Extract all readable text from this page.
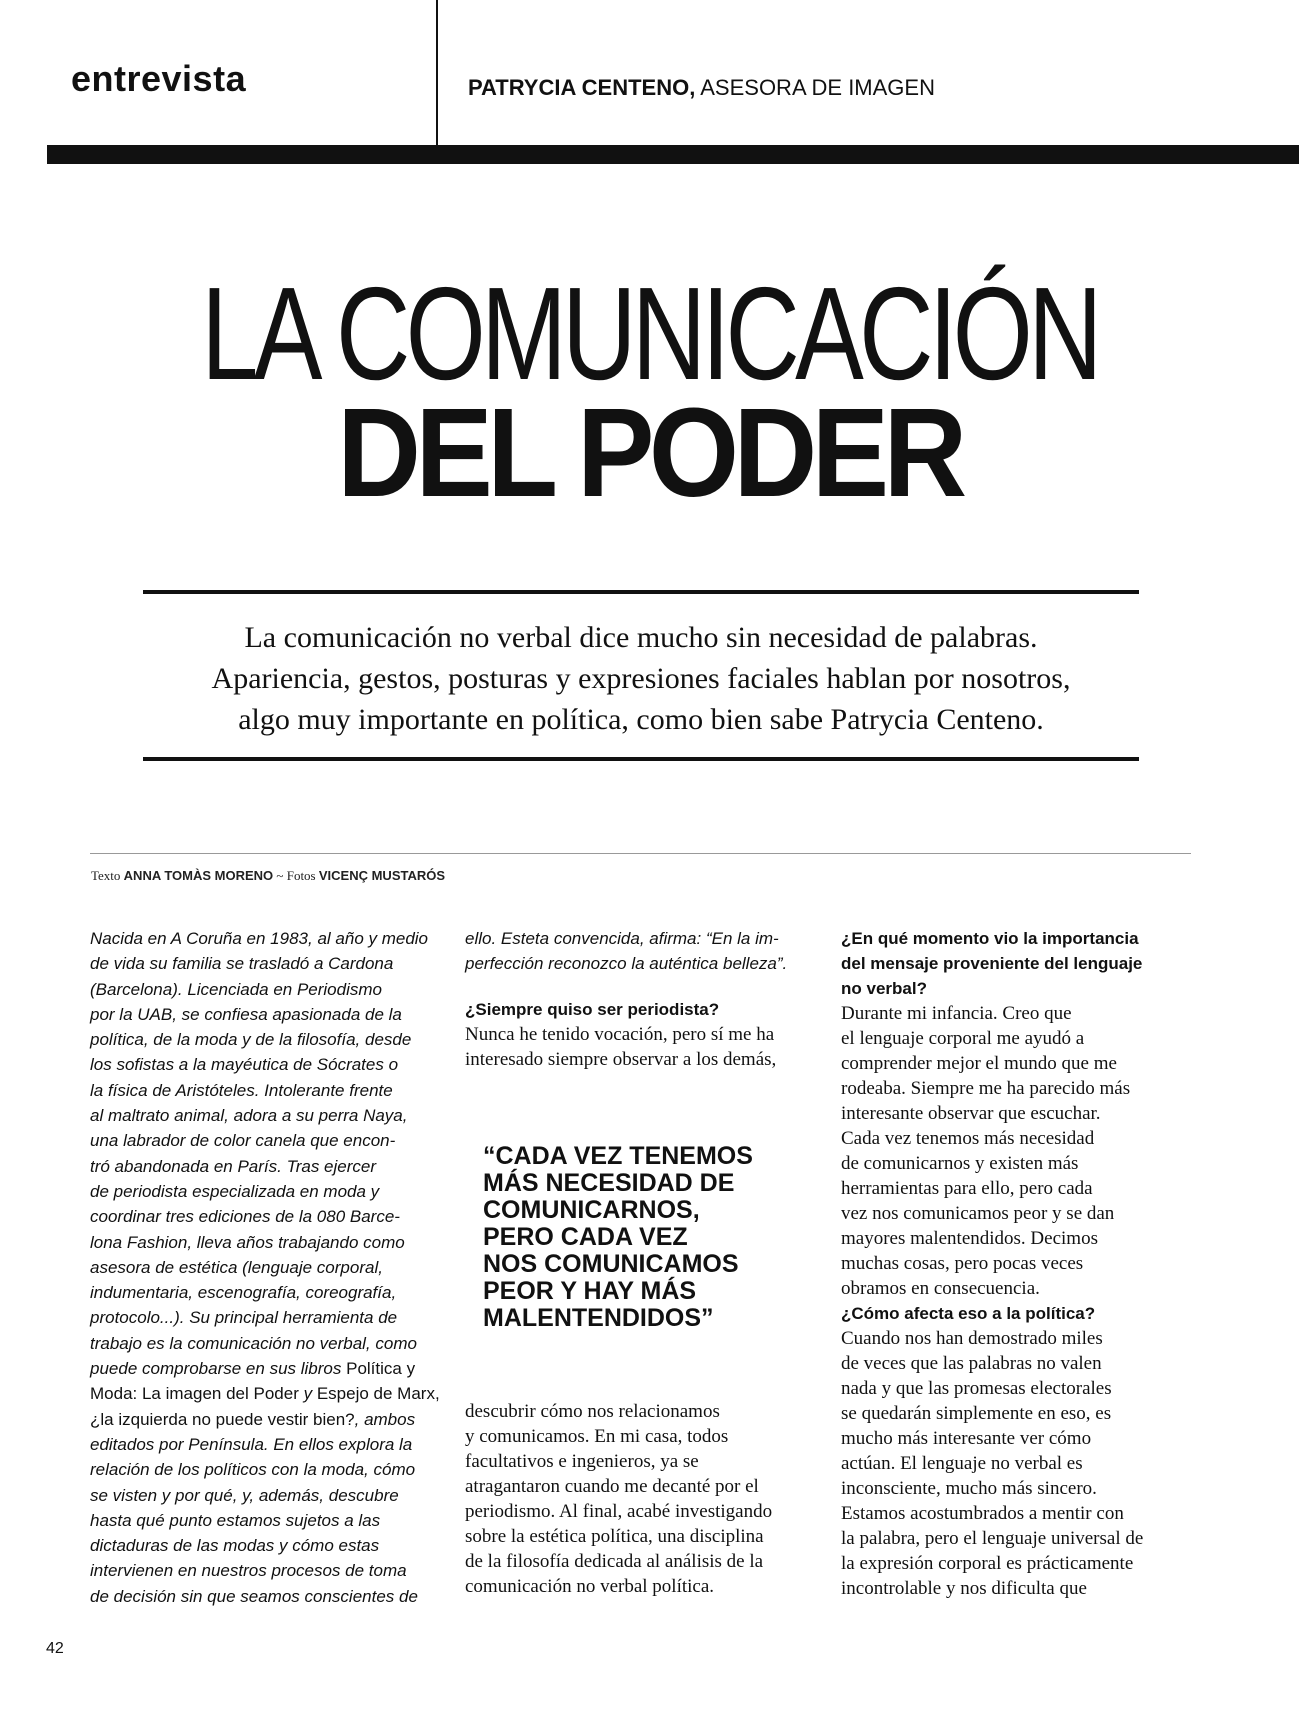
entrevista	PATRYCIA CENTENO, ASESORA DE IMAGEN
LA COMUNICACIÓN
DEL PODER
La comunicación no verbal dice mucho sin necesidad de palabras.
Apariencia, gestos, posturas y expresiones faciales hablan por nosotros,
algo muy importante en política, como bien sabe Patrycia Centeno.
Texto ANNA TOMÀS MORENO ~ Fotos VICENÇ MUSTARÓS
Nacida en A Coruña en 1983, al año y medio
de vida su familia se trasladó a Cardona
(Barcelona). Licenciada en Periodismo
por la UAB, se confiesa apasionada de la
política, de la moda y de la filosofía, desde
los sofistas a la mayéutica de Sócrates o
la física de Aristóteles. Intolerante frente
al maltrato animal, adora a su perra Naya,
una labrador de color canela que encon-
tró abandonada en París. Tras ejercer
de periodista especializada en moda y
coordinar tres ediciones de la 080 Barce-
lona Fashion, lleva años trabajando como
asesora de estética (lenguaje corporal,
indumentaria, escenografía, coreografía,
protocolo...). Su principal herramienta de
trabajo es la comunicación no verbal, como
puede comprobarse en sus libros Política y
Moda: La imagen del Poder y Espejo de Marx,
¿la izquierda no puede vestir bien?, ambos
editados por Península. En ellos explora la
relación de los políticos con la moda, cómo
se visten y por qué, y, además, descubre
hasta qué punto estamos sujetos a las
dictaduras de las modas y cómo estas
intervienen en nuestros procesos de toma
de decisión sin que seamos conscientes de
ello. Esteta convencida, afirma: “En la im-
perfección reconozco la auténtica belleza”.
¿Siempre quiso ser periodista?
Nunca he tenido vocación, pero sí me ha
interesado siempre observar a los demás,
“CADA VEZ TENEMOS
MÁS NECESIDAD DE
COMUNICARNOS,
PERO CADA VEZ
NOS COMUNICAMOS
PEOR Y HAY MÁS
MALENTENDIDOS”
descubrir cómo nos relacionamos
y comunicamos. En mi casa, todos
facultativos e ingenieros, ya se
atragantaron cuando me decanté por el
periodismo. Al final, acabé investigando
sobre la estética política, una disciplina
de la filosofía dedicada al análisis de la
comunicación no verbal política.
¿En qué momento vio la importancia
del mensaje proveniente del lenguaje
no verbal?
Durante mi infancia. Creo que
el lenguaje corporal me ayudó a
comprender mejor el mundo que me
rodeaba. Siempre me ha parecido más
interesante observar que escuchar.
Cada vez tenemos más necesidad
de comunicarnos y existen más
herramientas para ello, pero cada
vez nos comunicamos peor y se dan
mayores malentendidos. Decimos
muchas cosas, pero pocas veces
obramos en consecuencia.
¿Cómo afecta eso a la política?
Cuando nos han demostrado miles
de veces que las palabras no valen
nada y que las promesas electorales
se quedarán simplemente en eso, es
mucho más interesante ver cómo
actúan. El lenguaje no verbal es
inconsciente, mucho más sincero.
Estamos acostumbrados a mentir con
la palabra, pero el lenguaje universal de
la expresión corporal es prácticamente
incontrolable y nos dificulta que
42
